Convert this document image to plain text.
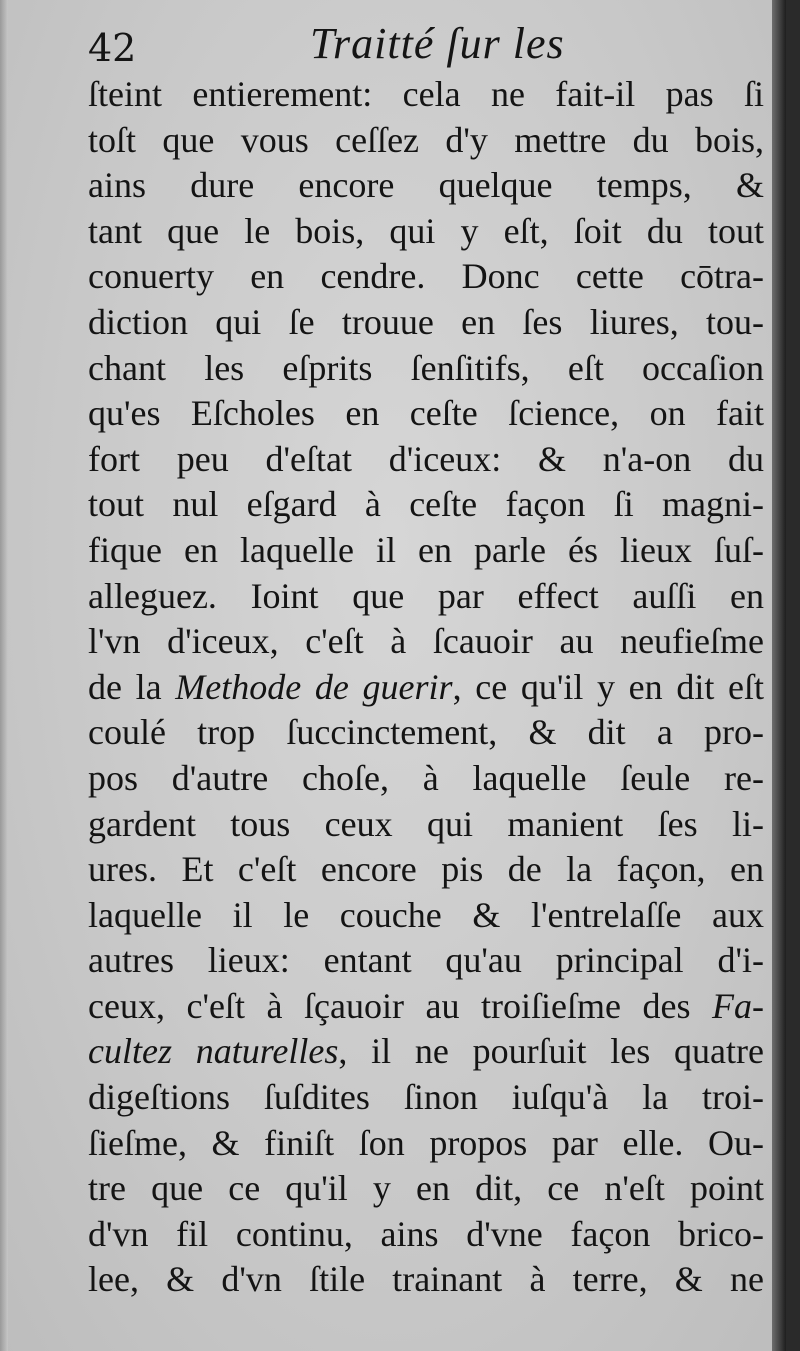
42	Traitté ſur les
ſteint entierement: cela ne fait-il pas ſi
toſt que vous ceſſez d'y mettre du bois,
ains dure encore quelque temps, &
tant que le bois, qui y eſt, ſoit du tout
conuerty en cendre. Donc cette cōtra-
diction qui ſe trouue en ſes liures, tou-
chant les eſprits ſenſitifs, eſt occaſion
qu'es Eſcholes en ceſte ſcience, on fait
fort peu d'eſtat d'iceux: & n'a-on du
tout nul eſgard à ceſte façon ſi magni-
fique en laquelle il en parle és lieux ſuſ-
alleguez. Ioint que par effect auſſi en
l'vn d'iceux, c'eſt à ſcauoir au neufieſme
de la Methode de guerir, ce qu'il y en dit eſt
coulé trop ſuccinctement, & dit a pro-
pos d'autre choſe, à laquelle ſeule re-
gardent tous ceux qui manient ſes li-
ures. Et c'eſt encore pis de la façon, en
laquelle il le couche & l'entrelaſſe aux
autres lieux: entant qu'au principal d'i-
ceux, c'eſt à ſçauoir au troiſieſme des Fa-
cultez naturelles, il ne pourſuit les quatre
digeſtions ſuſdites ſinon iuſqu'à la troi-
ſieſme, & finiſt ſon propos par elle. Ou-
tre que ce qu'il y en dit, ce n'eſt point
d'vn fil continu, ains d'vne façon brico-
lee, & d'vn ſtile trainant à terre, & ne
